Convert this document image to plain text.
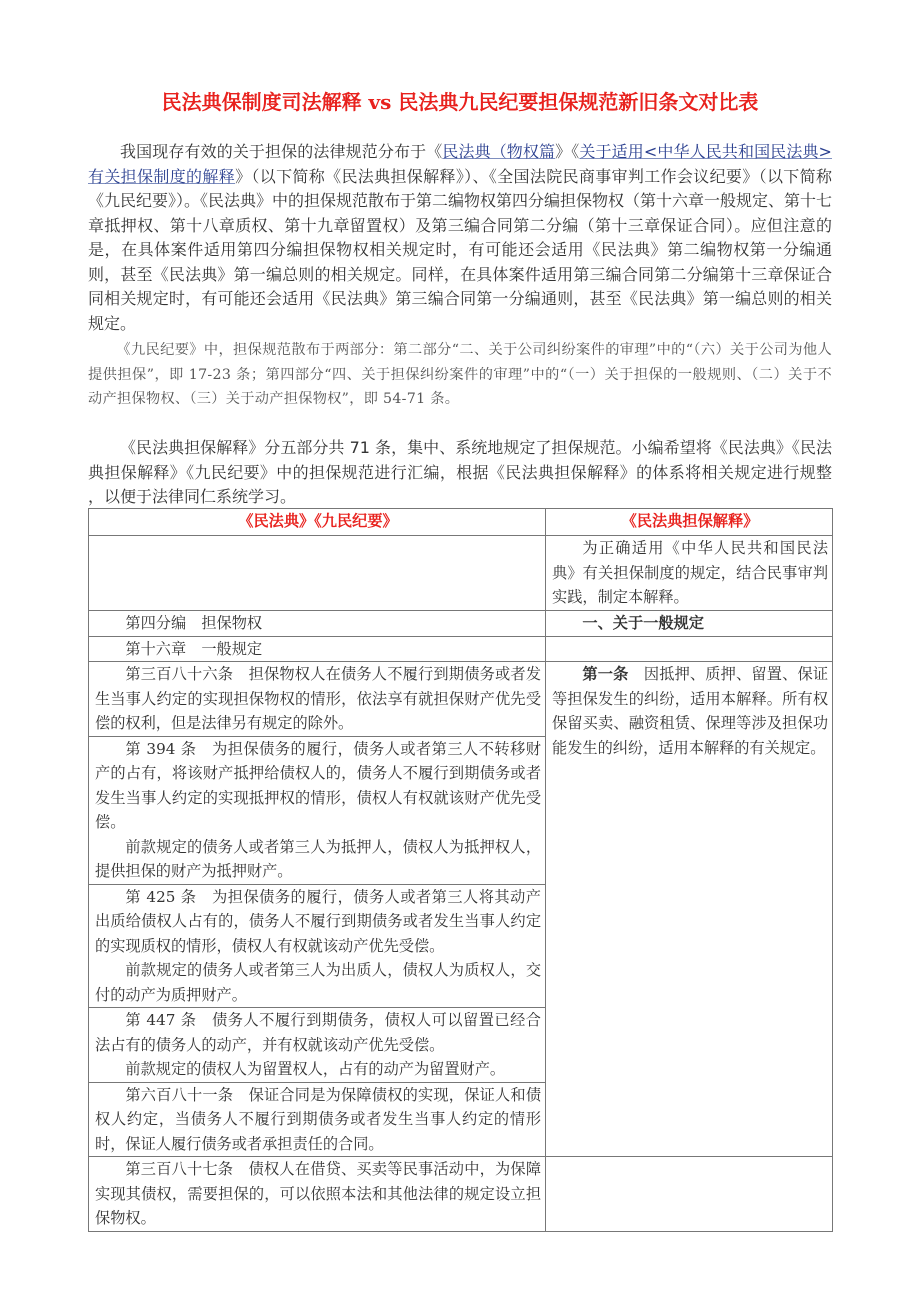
民法典保制度司法解释 vs 民法典九民纪要担保规范新旧条文对比表
我国现存有效的关于担保的法律规范分布于《民法典（物权篇》《关于适用<中华人民共和国民法典>有关担保制度的解释》（以下简称《民法典担保解释》）、《全国法院民商事审判工作会议纪要》（以下简称《九民纪要》）。《民法典》中的担保规范散布于第二编物权第四分编担保物权（第十六章一般规定、第十七章抵押权、第十八章质权、第十九章留置权）及第三编合同第二分编（第十三章保证合同）。应但注意的是，在具体案件适用第四分编担保物权相关规定时，有可能还会适用《民法典》第二编物权第一分编通则，甚至《民法典》第一编总则的相关规定。同样，在具体案件适用第三编合同第二分编第十三章保证合同相关规定时，有可能还会适用《民法典》第三编合同第一分编通则，甚至《民法典》第一编总则的相关规定。
《九民纪要》中，担保规范散布于两部分：第二部分“二、关于公司纠纷案件的审理”中的“（六）关于公司为他人提供担保”，即 17-23 条；第四部分“四、关于担保纠纷案件的审理”中的“（一）关于担保的一般规则、（二）关于不动产担保物权、（三）关于动产担保物权”，即 54-71 条。
《民法典担保解释》分五部分共 71 条，集中、系统地规定了担保规范。小编希望将《民法典》《民法典担保解释》《九民纪要》中的担保规范进行汇编，根据《民法典担保解释》的体系将相关规定进行规整 ，以便于法律同仁系统学习。
《民法典》《九民纪要》	《民法典担保解释》

	为正确适用《中华人民共和国民法典》有关担保制度的规定，结合民事审判实践，制定本解释。

第四分编　担保物权	一、关于一般规定

第十六章　一般规定	

第三百八十六条　担保物权人在债务人不履行到期债务或者发生当事人约定的实现担保物权的情形，依法享有就担保财产优先受偿的权利，但是法律另有规定的除外。	第一条　因抵押、质押、留置、保证等担保发生的纠纷，适用本解释。所有权保留买卖、融资租赁、保理等涉及担保功能发生的纠纷，适用本解释的有关规定。

第 394 条　为担保债务的履行，债务人或者第三人不转移财产的占有，将该财产抵押给债权人的，债务人不履行到期债务或者发生当事人约定的实现抵押权的情形，债权人有权就该财产优先受偿。

前款规定的债务人或者第三人为抵押人，债权人为抵押权人，提供担保的财产为抵押财产。	

第 425 条　为担保债务的履行，债务人或者第三人将其动产出质给债权人占有的，债务人不履行到期债务或者发生当事人约定的实现质权的情形，债权人有权就该动产优先受偿。

前款规定的债务人或者第三人为出质人，债权人为质权人，交付的动产为质押财产。	

第 447 条　债务人不履行到期债务，债权人可以留置已经合法占有的债务人的动产，并有权就该动产优先受偿。

前款规定的债权人为留置权人，占有的动产为留置财产。	

第六百八十一条　保证合同是为保障债权的实现，保证人和债权人约定，当债务人不履行到期债务或者发生当事人约定的情形时，保证人履行债务或者承担责任的合同。	

第三百八十七条　债权人在借贷、买卖等民事活动中，为保障实现其债权，需要担保的，可以依照本法和其他法律的规定设立担保物权。	
